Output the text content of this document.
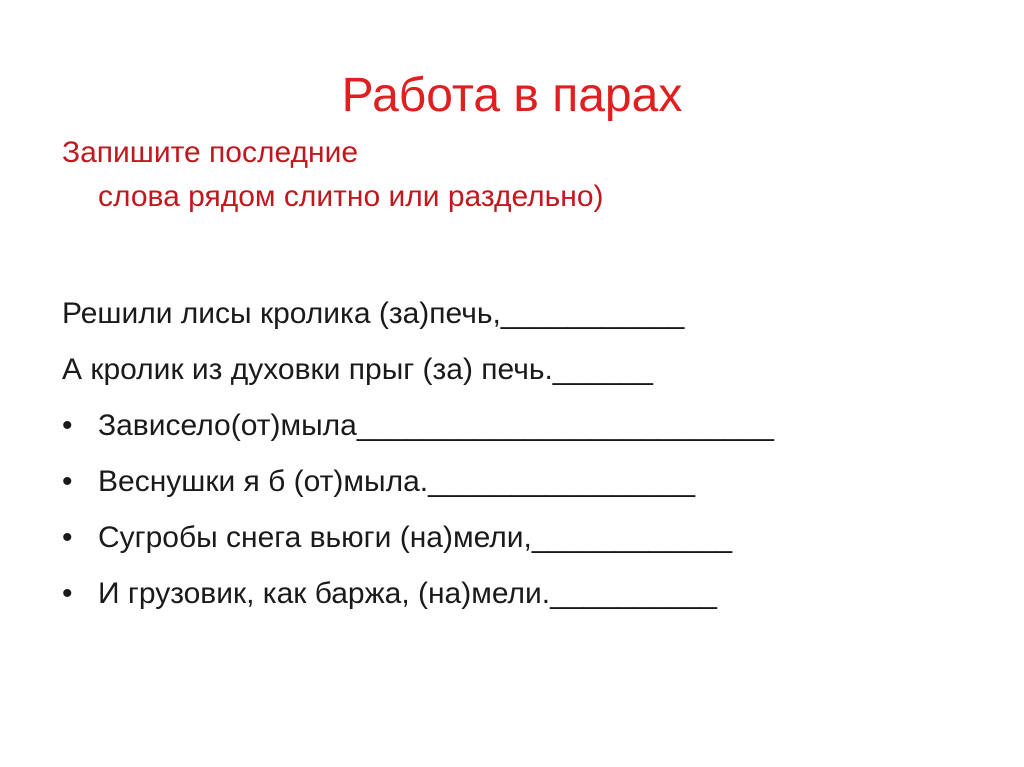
Работа в парах
Запишите последние
слова рядом слитно или раздельно)
Решили лисы кролика (за)печь,___________
А кролик из духовки прыг (за) печь.______
• Зависело(от)мыла_________________________
• Веснушки я б (от)мыла.________________
• Сугробы снега вьюги (на)мели,____________
• И грузовик, как баржа, (на)мели.__________
